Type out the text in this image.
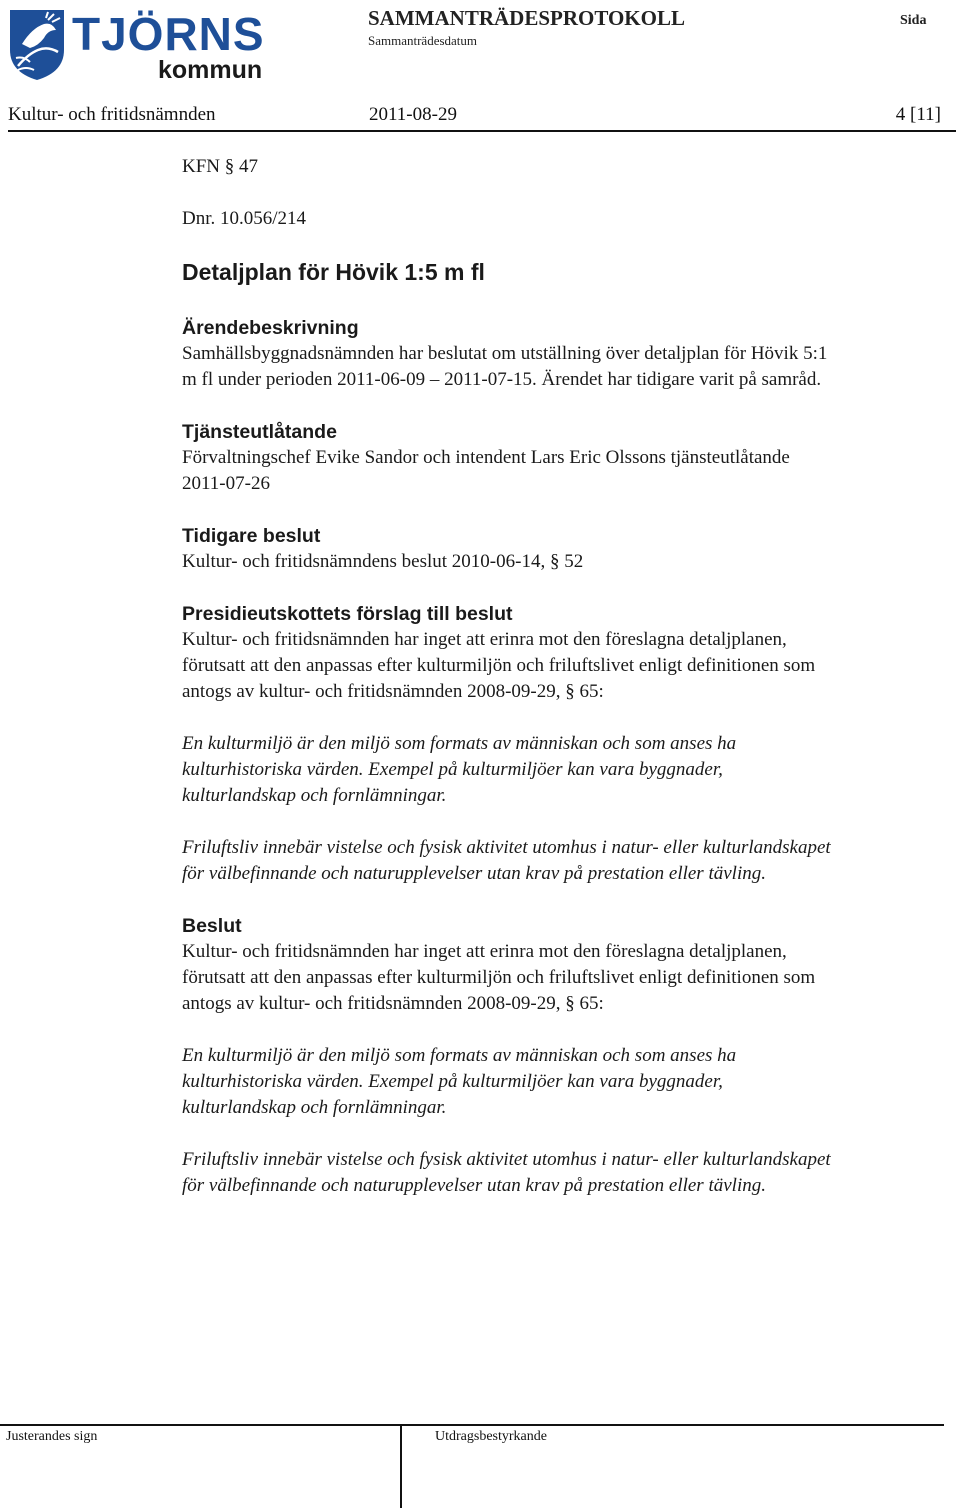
TJÖRNS
kommun
SAMMANTRÄDESPROTOKOLL
Sammanträdesdatum
Sida
Kultur- och fritidsnämnden	2011-08-29	4 [11]
KFN § 47
Dnr. 10.056/214
Detaljplan för Hövik 1:5 m fl
Ärendebeskrivning
Samhällsbyggnadsnämnden har beslutat om utställning över detaljplan för Hövik 5:1
m fl under perioden 2011-06-09 – 2011-07-15. Ärendet har tidigare varit på samråd.
Tjänsteutlåtande
Förvaltningschef Evike Sandor och intendent Lars Eric Olssons tjänsteutlåtande
2011-07-26
Tidigare beslut
Kultur- och fritidsnämndens beslut 2010-06-14, § 52
Presidieutskottets förslag till beslut
Kultur- och fritidsnämnden har inget att erinra mot den föreslagna detaljplanen,
förutsatt att den anpassas efter kulturmiljön och friluftslivet enligt definitionen som
antogs av kultur- och fritidsnämnden 2008-09-29, § 65:
En kulturmiljö är den miljö som formats av människan och som anses ha
kulturhistoriska värden. Exempel på kulturmiljöer kan vara byggnader,
kulturlandskap och fornlämningar.
Friluftsliv innebär vistelse och fysisk aktivitet utomhus i natur- eller kulturlandskapet
för välbefinnande och naturupplevelser utan krav på prestation eller tävling.
Beslut
Kultur- och fritidsnämnden har inget att erinra mot den föreslagna detaljplanen,
förutsatt att den anpassas efter kulturmiljön och friluftslivet enligt definitionen som
antogs av kultur- och fritidsnämnden 2008-09-29, § 65:
En kulturmiljö är den miljö som formats av människan och som anses ha
kulturhistoriska värden. Exempel på kulturmiljöer kan vara byggnader,
kulturlandskap och fornlämningar.
Friluftsliv innebär vistelse och fysisk aktivitet utomhus i natur- eller kulturlandskapet
för välbefinnande och naturupplevelser utan krav på prestation eller tävling.
Justerandes sign	Utdragsbestyrkande
